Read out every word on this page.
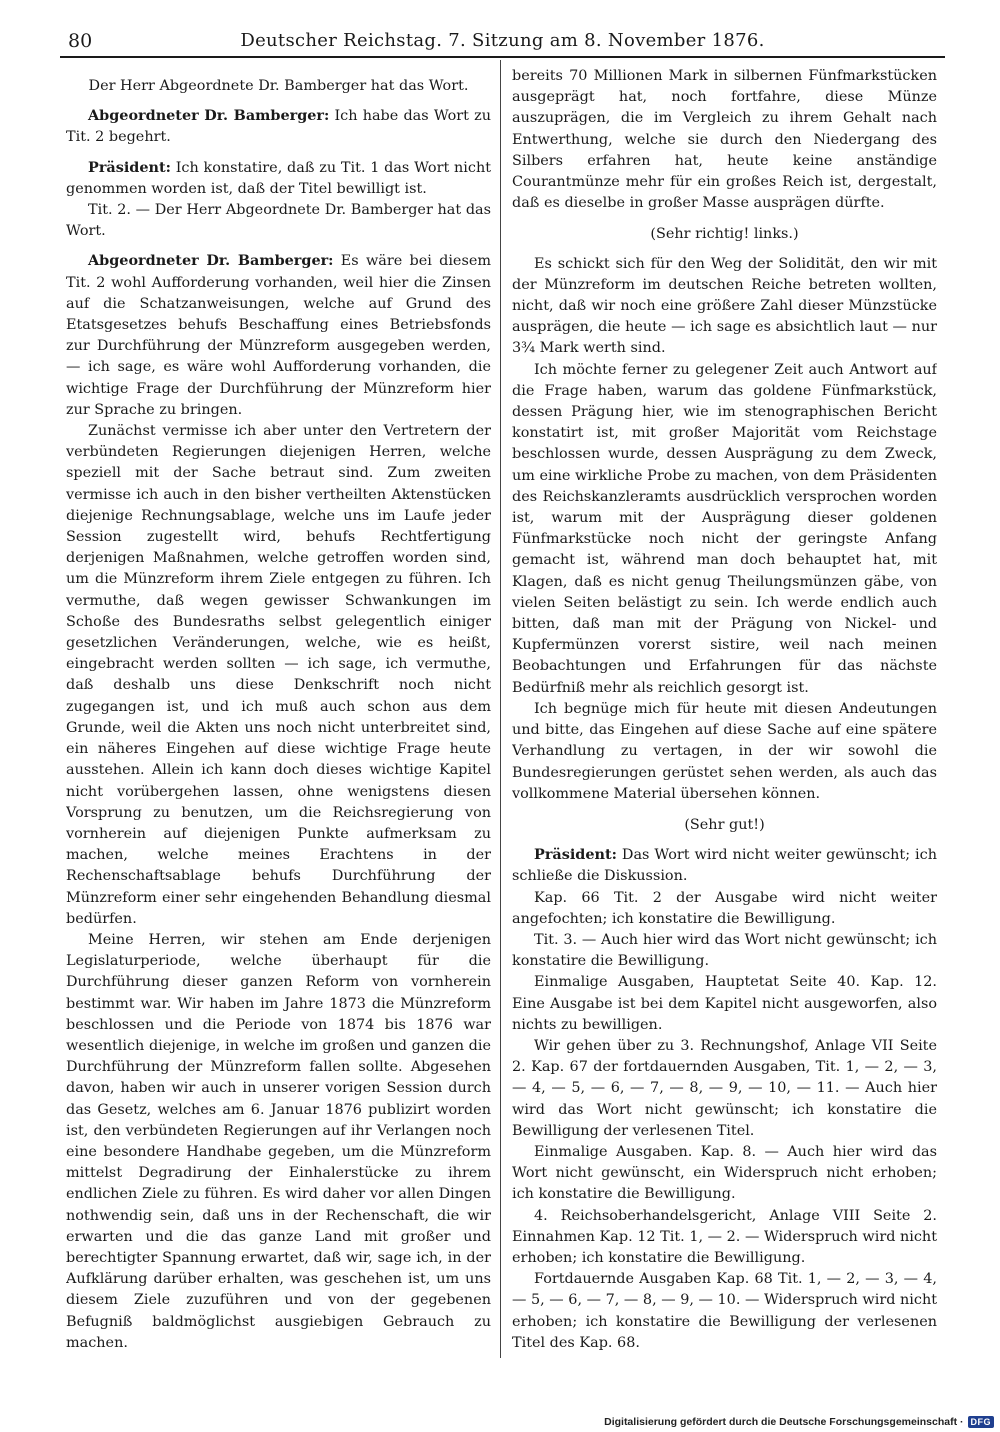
80	Deutscher Reichstag. 7. Sitzung am 8. November 1876.

Der Herr Abgeordnete Dr. Bamberger hat das Wort.

Abgeordneter Dr. Bamberger: Ich habe das Wort zu Tit. 2 begehrt.

Präsident: Ich konstatire, daß zu Tit. 1 das Wort nicht genommen worden ist, daß der Titel bewilligt ist.

Tit. 2. — Der Herr Abgeordnete Dr. Bamberger hat das Wort.

Abgeordneter Dr. Bamberger: Es wäre bei diesem Tit. 2 wohl Aufforderung vorhanden, weil hier die Zinsen auf die Schatzanweisungen, welche auf Grund des Etatsgesetzes behufs Beschaffung eines Betriebsfonds zur Durchführung der Münzreform ausgegeben werden, — ich sage, es wäre wohl Aufforderung vorhanden, die wichtige Frage der Durchführung der Münzreform hier zur Sprache zu bringen.

Zunächst vermisse ich aber unter den Vertretern der verbündeten Regierungen diejenigen Herren, welche speziell mit der Sache betraut sind. Zum zweiten vermisse ich auch in den bisher vertheilten Aktenstücken diejenige Rechnungsablage, welche uns im Laufe jeder Session zugestellt wird, behufs Rechtfertigung derjenigen Maßnahmen, welche getroffen worden sind, um die Münzreform ihrem Ziele entgegen zu führen. Ich vermuthe, daß wegen gewisser Schwankungen im Schoße des Bundesraths selbst gelegentlich einiger gesetzlichen Veränderungen, welche, wie es heißt, eingebracht werden sollten — ich sage, ich vermuthe, daß deshalb uns diese Denkschrift noch nicht zugegangen ist, und ich muß auch schon aus dem Grunde, weil die Akten uns noch nicht unterbreitet sind, ein näheres Eingehen auf diese wichtige Frage heute ausstehen. Allein ich kann doch dieses wichtige Kapitel nicht vorübergehen lassen, ohne wenigstens diesen Vorsprung zu benutzen, um die Reichsregierung von vornherein auf diejenigen Punkte aufmerksam zu machen, welche meines Erachtens in der Rechenschaftsablage behufs Durchführung der Münzreform einer sehr eingehenden Behandlung diesmal bedürfen.

Meine Herren, wir stehen am Ende derjenigen Legislaturperiode, welche überhaupt für die Durchführung dieser ganzen Reform von vornherein bestimmt war. Wir haben im Jahre 1873 die Münzreform beschlossen und die Periode von 1874 bis 1876 war wesentlich diejenige, in welche im großen und ganzen die Durchführung der Münzreform fallen sollte. Abgesehen davon, haben wir auch in unserer vorigen Session durch das Gesetz, welches am 6. Januar 1876 publizirt worden ist, den verbündeten Regierungen auf ihr Verlangen noch eine besondere Handhabe gegeben, um die Münzreform mittelst Degradirung der Einhalerstücke zu ihrem endlichen Ziele zu führen. Es wird daher vor allen Dingen nothwendig sein, daß uns in der Rechenschaft, die wir erwarten und die das ganze Land mit großer und berechtigter Spannung erwartet, daß wir, sage ich, in der Aufklärung darüber erhalten, was geschehen ist, um uns diesem Ziele zuzuführen und von der gegebenen Befugniß baldmöglichst ausgiebigen Gebrauch zu machen.

bereits 70 Millionen Mark in silbernen Fünfmarkstücken ausgeprägt hat, noch fortfahre, diese Münze auszuprägen, die im Vergleich zu ihrem Gehalt nach Entwerthung, welche sie durch den Niedergang des Silbers erfahren hat, heute keine anständige Courantmünze mehr für ein großes Reich ist, dergestalt, daß es dieselbe in großer Masse ausprägen dürfte.

(Sehr richtig! links.)

Es schickt sich für den Weg der Solidität, den wir mit der Münzreform im deutschen Reiche betreten wollten, nicht, daß wir noch eine größere Zahl dieser Münzstücke ausprägen, die heute — ich sage es absichtlich laut — nur 3¾ Mark werth sind.

Ich möchte ferner zu gelegener Zeit auch Antwort auf die Frage haben, warum das goldene Fünfmarkstück, dessen Prägung hier, wie im stenographischen Bericht konstatirt ist, mit großer Majorität vom Reichstage beschlossen wurde, dessen Ausprägung zu dem Zweck, um eine wirkliche Probe zu machen, von dem Präsidenten des Reichskanzleramts ausdrücklich versprochen worden ist, warum mit der Ausprägung dieser goldenen Fünfmarkstücke noch nicht der geringste Anfang gemacht ist, während man doch behauptet hat, mit Klagen, daß es nicht genug Theilungsmünzen gäbe, von vielen Seiten belästigt zu sein. Ich werde endlich auch bitten, daß man mit der Prägung von Nickel- und Kupfermünzen vorerst sistire, weil nach meinen Beobachtungen und Erfahrungen für das nächste Bedürfniß mehr als reichlich gesorgt ist.

Ich begnüge mich für heute mit diesen Andeutungen und bitte, das Eingehen auf diese Sache auf eine spätere Verhandlung zu vertagen, in der wir sowohl die Bundesregierungen gerüstet sehen werden, als auch das vollkommene Material übersehen können.

(Sehr gut!)

Präsident: Das Wort wird nicht weiter gewünscht; ich schließe die Diskussion.

Kap. 66 Tit. 2 der Ausgabe wird nicht weiter angefochten; ich konstatire die Bewilligung.

Tit. 3. — Auch hier wird das Wort nicht gewünscht; ich konstatire die Bewilligung.

Einmalige Ausgaben, Hauptetat Seite 40. Kap. 12. Eine Ausgabe ist bei dem Kapitel nicht ausgeworfen, also nichts zu bewilligen.

Wir gehen über zu 3. Rechnungshof, Anlage VII Seite 2. Kap. 67 der fortdauernden Ausgaben, Tit. 1, — 2, — 3, — 4, — 5, — 6, — 7, — 8, — 9, — 10, — 11. — Auch hier wird das Wort nicht gewünscht; ich konstatire die Bewilligung der verlesenen Titel.

Einmalige Ausgaben. Kap. 8. — Auch hier wird das Wort nicht gewünscht, ein Widerspruch nicht erhoben; ich konstatire die Bewilligung.

4. Reichsoberhandelsgericht, Anlage VIII Seite 2. Einnahmen Kap. 12 Tit. 1, — 2. — Widerspruch wird nicht erhoben; ich konstatire die Bewilligung.

Fortdauernde Ausgaben Kap. 68 Tit. 1, — 2, — 3, — 4, — 5, — 6, — 7, — 8, — 9, — 10. — Widerspruch wird nicht erhoben; ich konstatire die Bewilligung der verlesenen Titel des Kap. 68.

Digitalisierung gefördert durch die Deutsche Forschungsgemeinschaft · DFG
